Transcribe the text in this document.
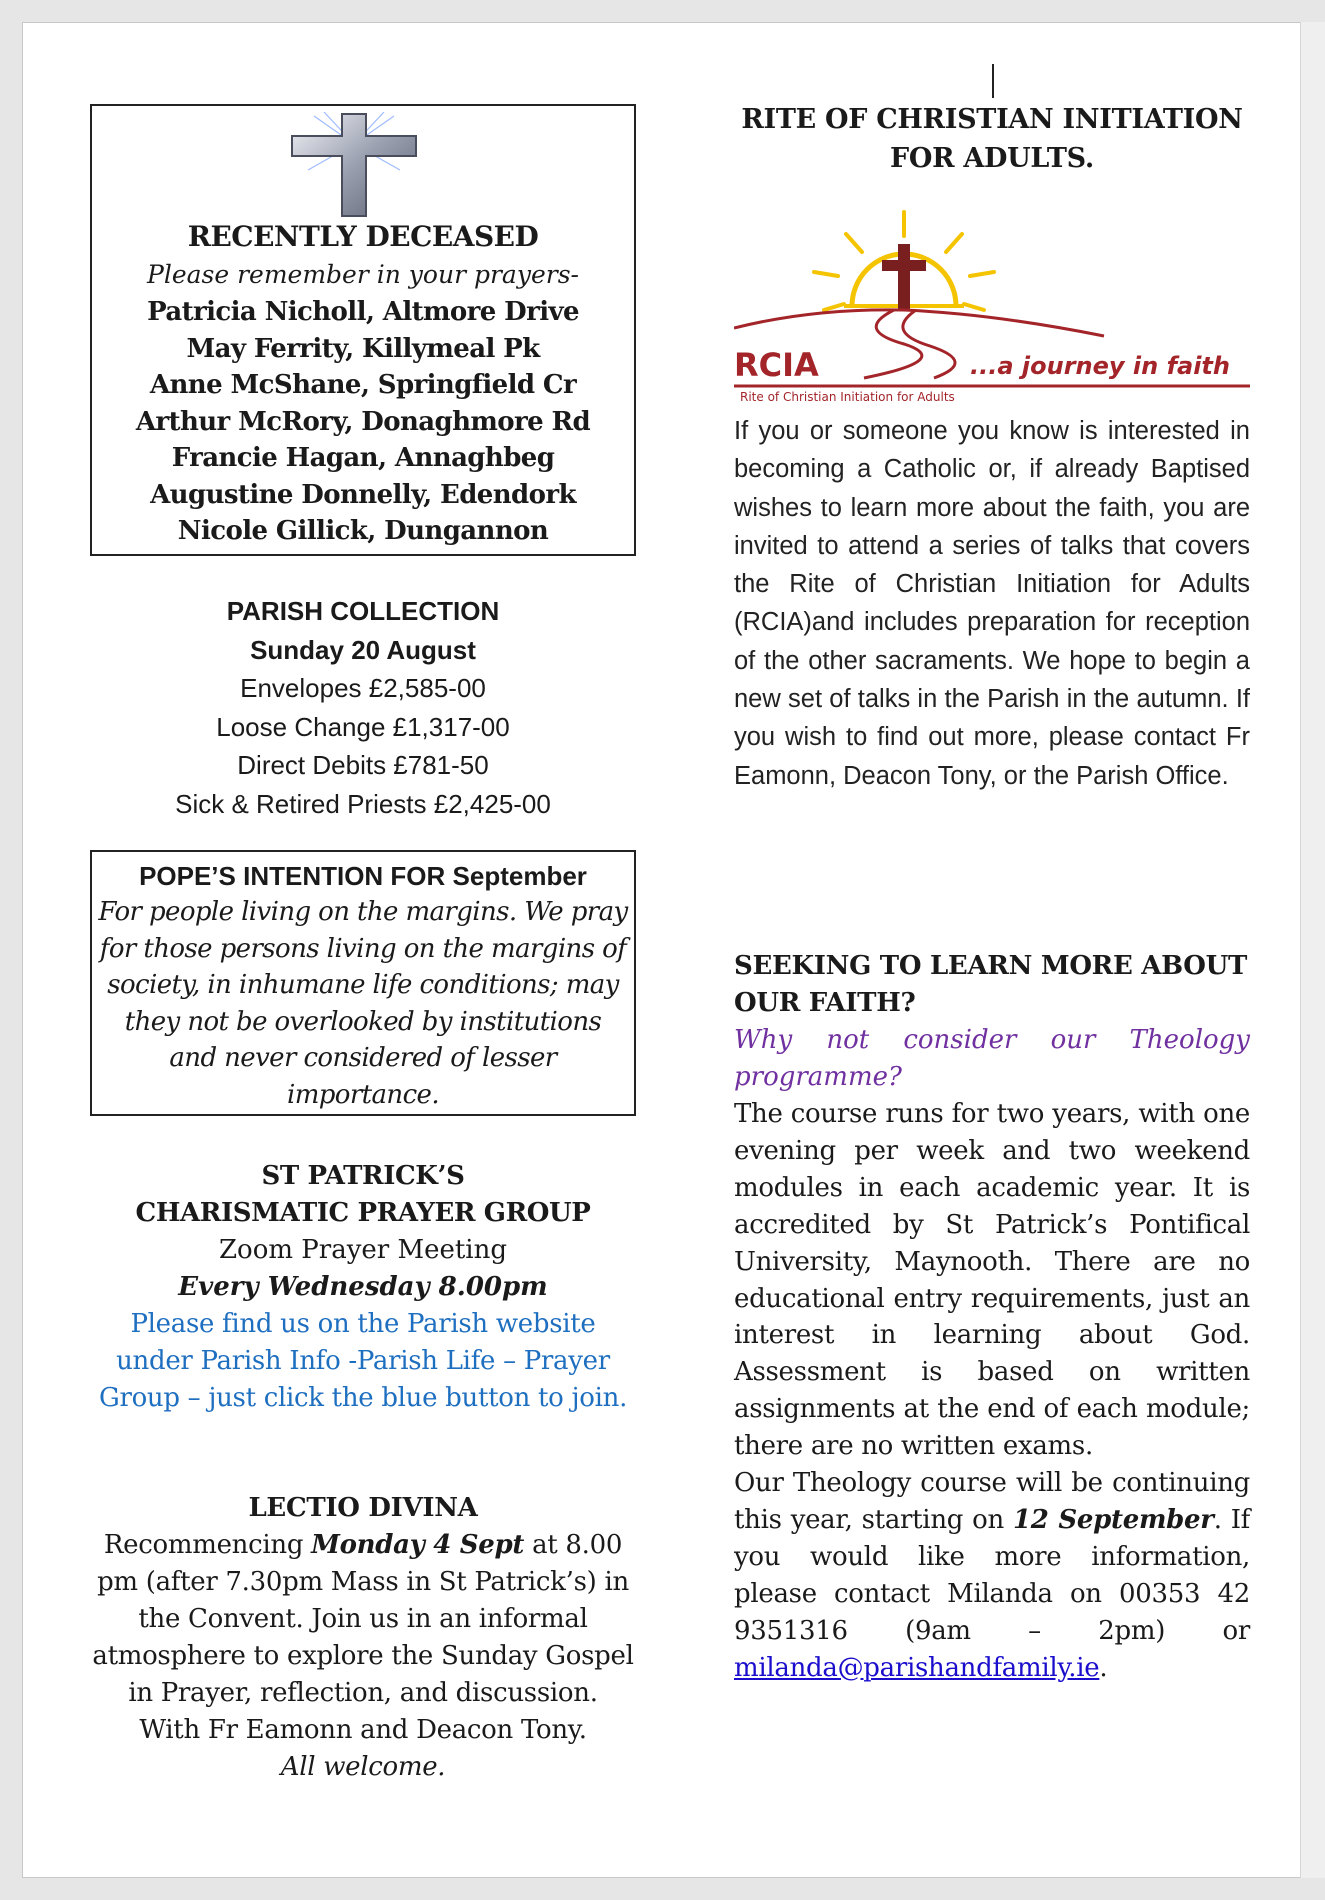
RECENTLY DECEASED
Please remember in your prayers-
Patricia Nicholl, Altmore Drive
May Ferrity, Killymeal Pk
Anne McShane, Springfield Cr
Arthur McRory, Donaghmore Rd
Francie Hagan, Annaghbeg
Augustine Donnelly, Edendork
Nicole Gillick, Dungannon
PARISH COLLECTION
Sunday 20 August
Envelopes £2,585-00
Loose Change £1,317-00
Direct Debits £781-50
Sick & Retired Priests £2,425-00
POPE’S INTENTION FOR September
For people living on the margins. We pray for those persons living on the margins of society, in inhumane life conditions; may they not be overlooked by institutions and never considered of lesser importance.
ST PATRICK’S
CHARISMATIC PRAYER GROUP
Zoom Prayer Meeting
Every Wednesday 8.00pm
Please find us on the Parish website under Parish Info -Parish Life – Prayer Group – just click the blue button to join.
LECTIO DIVINA
Recommencing Monday 4 Sept at 8.00 pm (after 7.30pm Mass in St Patrick’s) in the Convent. Join us in an informal atmosphere to explore the Sunday Gospel in Prayer, reflection, and discussion.
With Fr Eamonn and Deacon Tony.
All welcome.
RITE OF CHRISTIAN INITIATION
FOR ADULTS.
RCIA	...a journey in faith
Rite of Christian Initiation for Adults
If you or someone you know is interested in becoming a Catholic or, if already Baptised wishes to learn more about the faith, you are invited to attend a series of talks that covers the Rite of Christian Initiation for Adults (RCIA)and includes preparation for reception of the other sacraments. We hope to begin a new set of talks in the Parish in the autumn. If you wish to find out more, please contact Fr Eamonn, Deacon Tony, or the Parish Office.
SEEKING TO LEARN MORE ABOUT OUR FAITH?
Why not consider our Theology programme?

The course runs for two years, with one evening per week and two weekend modules in each academic year. It is accredited by St Patrick’s Pontifical University, Maynooth. There are no educational entry requirements, just an interest in learning about God. Assessment is based on written assignments at the end of each module; there are no written exams.

Our Theology course will be continuing this year, starting on 12 September. If you would like more information, please contact Milanda on 00353 42 9351316 (9am – 2pm) or milanda@parishandfamily.ie.
